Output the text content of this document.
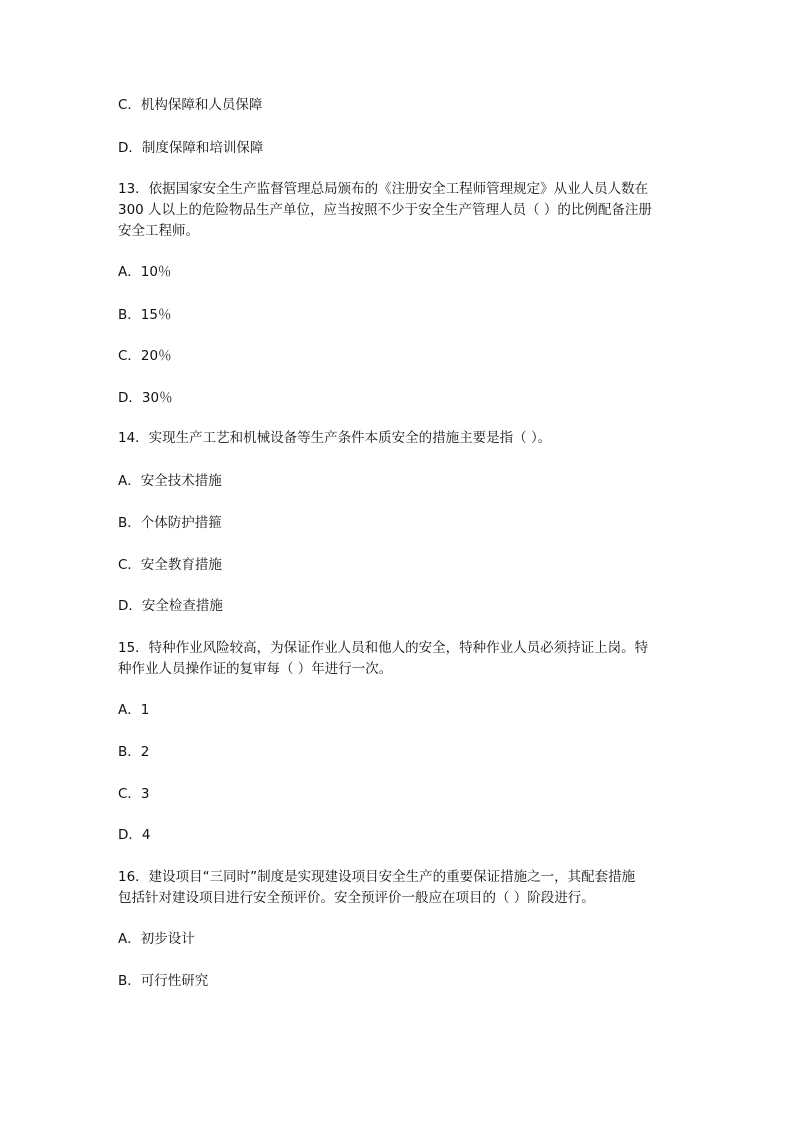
C．机构保障和人员保障
D．制度保障和培训保障
13．依据国家安全生产监督管理总局颁布的《注册安全工程师管理规定》从业人员人数在
300 人以上的危险物品生产单位，应当按照不少于安全生产管理人员（ ）的比例配备注册
安全工程师。
A．10％
B．15％
C．20％
D．30％
14．实现生产工艺和机械设备等生产条件本质安全的措施主要是指（ ）。
A．安全技术措施
B．个体防护措箍
C．安全教育措施
D．安全检查措施
15．特种作业风险较高，为保证作业人员和他人的安全，特种作业人员必须持证上岗。特
种作业人员操作证的复审每（ ）年进行一次。
A．1
B．2
C．3
D．4
16．建设项目“三同时”制度是实现建设项目安全生产的重要保证措施之一，其配套措施
包括针对建设项目进行安全预评价。安全预评价一般应在项目的（ ）阶段进行。
A．初步设计
B．可行性研究
